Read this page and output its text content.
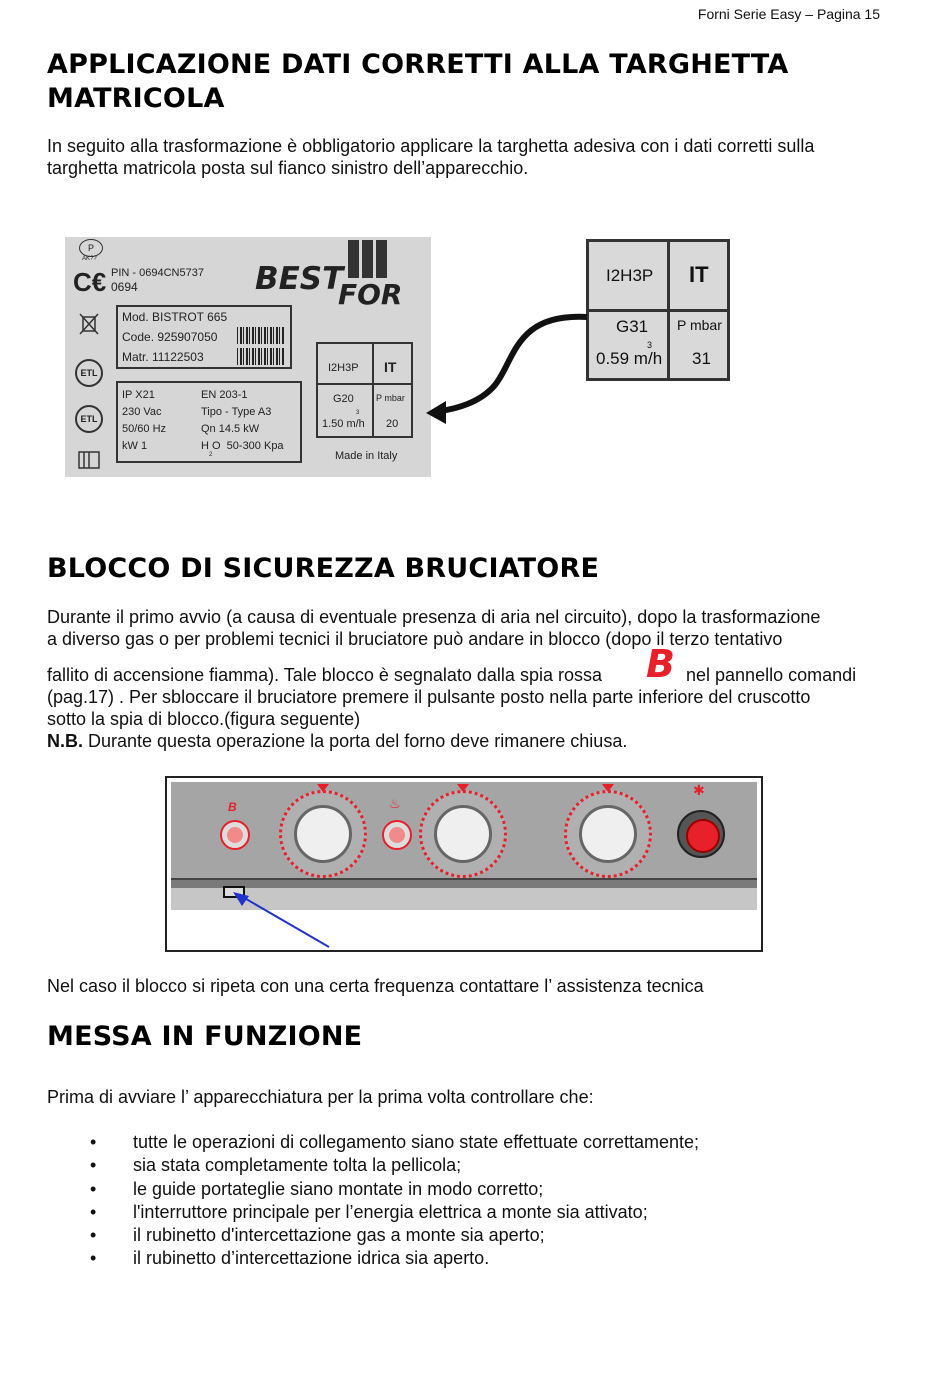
Forni Serie Easy – Pagina 15
APPLICAZIONE DATI CORRETTI ALLA TARGHETTA
MATRICOLA

In seguito alla trasformazione è obbligatorio applicare la targhetta adesiva con i dati corretti sulla
targhetta matricola posta sul fianco sinistro dell’apparecchio.

P
AK??
C€ PIN - 0694CN5737
0694
ETL
ETL
BEST
FOR
Mod. BISTROT 665
Code. 925907050
Matr. 11122503
IP X21
230 Vac
50/60 Hz
kW 1
EN 203-1
Tipo - Type A3
Qn 14.5 kW
H O  50-300 Kpa
2
I2H3P IT
G20 P mbar
1.50 m/h
3
20
Made in Italy
I2H3P IT
G31 P mbar
0.59 m/h
3
31
BLOCCO DI SICUREZZA BRUCIATORE
Durante il primo avvio (a causa di eventuale presenza di aria nel circuito), dopo la trasformazione
a diverso gas o per problemi tecnici il bruciatore può andare in blocco (dopo il terzo tentativo
fallito di accensione fiamma). Tale blocco è segnalato dalla spia rossa B nel pannello comandi
(pag.17) . Per sbloccare il bruciatore premere il pulsante posto nella parte inferiore del cruscotto
sotto la spia di blocco.(figura seguente)
N.B. Durante questa operazione la porta del forno deve rimanere chiusa.
B	♨
✱
Nel caso il blocco si ripeta con una certa frequenza contattare l’ assistenza tecnica
MESSA IN FUNZIONE
Prima di avviare l’ apparecchiatura per la prima volta controllare che:
• tutte le operazioni di collegamento siano state effettuate correttamente;
• sia stata completamente tolta la pellicola;
• le guide portateglie siano montate in modo corretto;
• l'interruttore principale per l’energia elettrica a monte sia attivato;
• il rubinetto d'intercettazione gas a monte sia aperto;
• il rubinetto d’intercettazione idrica sia aperto.
